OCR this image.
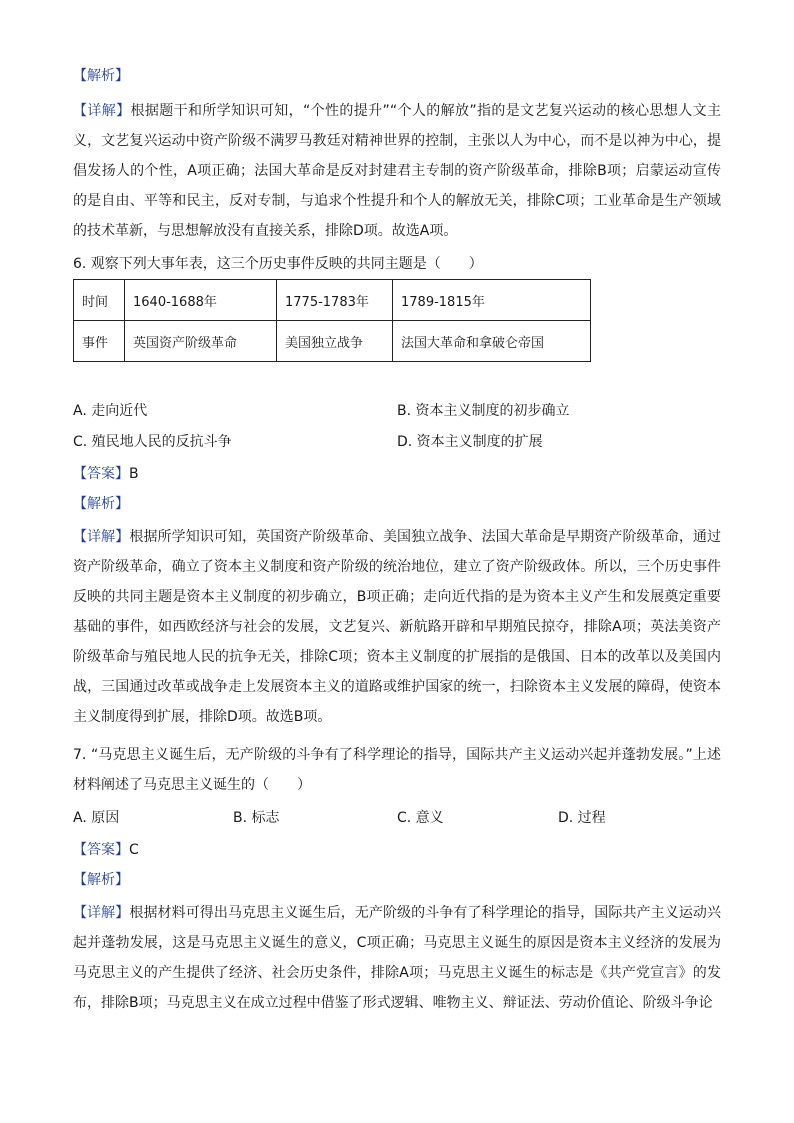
【解析】
【详解】根据题干和所学知识可知，“个性的提升”“个人的解放”指的是文艺复兴运动的核心思想人文主义，文艺复兴运动中资产阶级不满罗马教廷对精神世界的控制，主张以人为中心，而不是以神为中心，提倡发扬人的个性，A项正确；法国大革命是反对封建君主专制的资产阶级革命，排除B项；启蒙运动宣传的是自由、平等和民主，反对专制，与追求个性提升和个人的解放无关，排除C项；工业革命是生产领域的技术革新，与思想解放没有直接关系，排除D项。故选A项。
6. 观察下列大事年表，这三个历史事件反映的共同主题是（　　）
时间	1640-1688年	1775-1783年	1789-1815年
事件	英国资产阶级革命	美国独立战争	法国大革命和拿破仑帝国
A. 走向近代	B. 资本主义制度的初步确立
C. 殖民地人民的反抗斗争	D. 资本主义制度的扩展
【答案】B
【解析】
【详解】根据所学知识可知，英国资产阶级革命、美国独立战争、法国大革命是早期资产阶级革命，通过资产阶级革命，确立了资本主义制度和资产阶级的统治地位，建立了资产阶级政体。所以，三个历史事件反映的共同主题是资本主义制度的初步确立，B项正确；走向近代指的是为资本主义产生和发展奠定重要基础的事件，如西欧经济与社会的发展，文艺复兴、新航路开辟和早期殖民掠夺，排除A项；英法美资产阶级革命与殖民地人民的抗争无关，排除C项；资本主义制度的扩展指的是俄国、日本的改革以及美国内战，三国通过改革或战争走上发展资本主义的道路或维护国家的统一，扫除资本主义发展的障碍，使资本主义制度得到扩展，排除D项。故选B项。
7. “马克思主义诞生后，无产阶级的斗争有了科学理论的指导，国际共产主义运动兴起并蓬勃发展。”上述材料阐述了马克思主义诞生的（　　）
A. 原因	B. 标志	C. 意义	D. 过程
【答案】C
【解析】
【详解】根据材料可得出马克思主义诞生后，无产阶级的斗争有了科学理论的指导，国际共产主义运动兴起并蓬勃发展，这是马克思主义诞生的意义，C项正确；马克思主义诞生的原因是资本主义经济的发展为马克思主义的产生提供了经济、社会历史条件，排除A项；马克思主义诞生的标志是《共产党宣言》的发布，排除B项；马克思主义在成立过程中借鉴了形式逻辑、唯物主义、辩证法、劳动价值论、阶级斗争论
